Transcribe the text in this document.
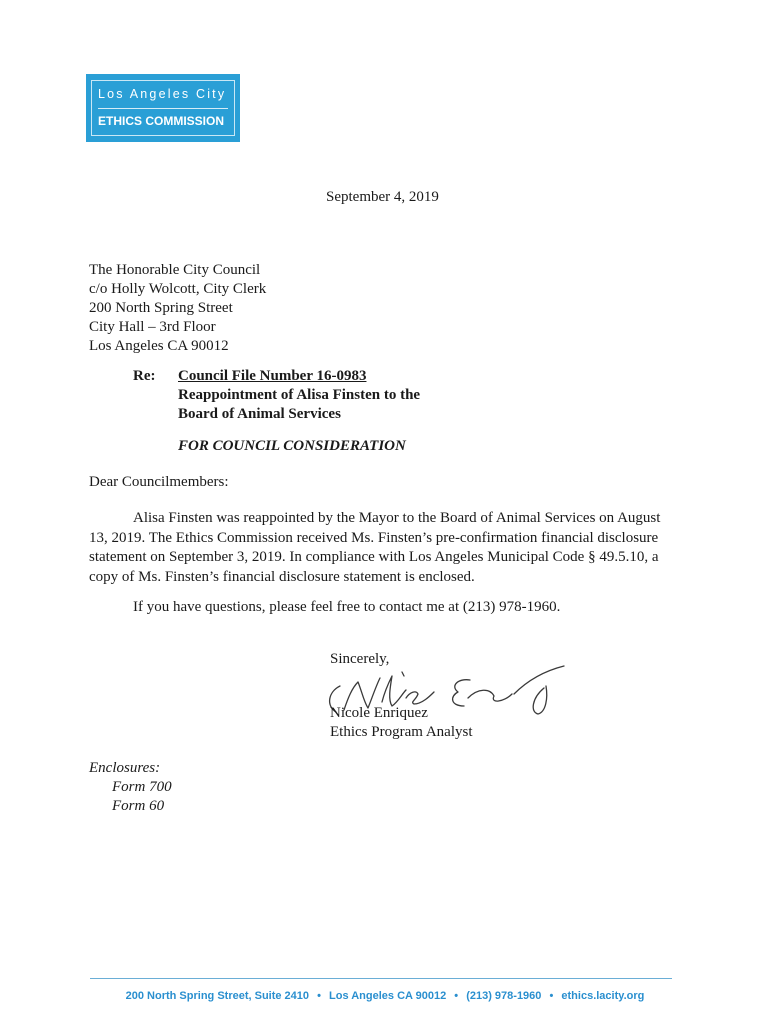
Los Angeles City
ETHICS COMMISSION
September 4, 2019
The Honorable City Council
c/o Holly Wolcott, City Clerk
200 North Spring Street
City Hall – 3rd Floor
Los Angeles CA 90012
Re: Council File Number 16-0983
Reappointment of Alisa Finsten to the
Board of Animal Services
FOR COUNCIL CONSIDERATION
Dear Councilmembers:
Alisa Finsten was reappointed by the Mayor to the Board of Animal Services on August
13, 2019. The Ethics Commission received Ms. Finsten’s pre-confirmation financial disclosure
statement on September 3, 2019. In compliance with Los Angeles Municipal Code § 49.5.10, a
copy of Ms. Finsten’s financial disclosure statement is enclosed.
If you have questions, please feel free to contact me at (213) 978-1960.
Sincerely,
Nicole Enriquez
Ethics Program Analyst
Enclosures:
Form 700
Form 60
200 North Spring Street, Suite 2410 • Los Angeles CA 90012 • (213) 978-1960 • ethics.lacity.org
